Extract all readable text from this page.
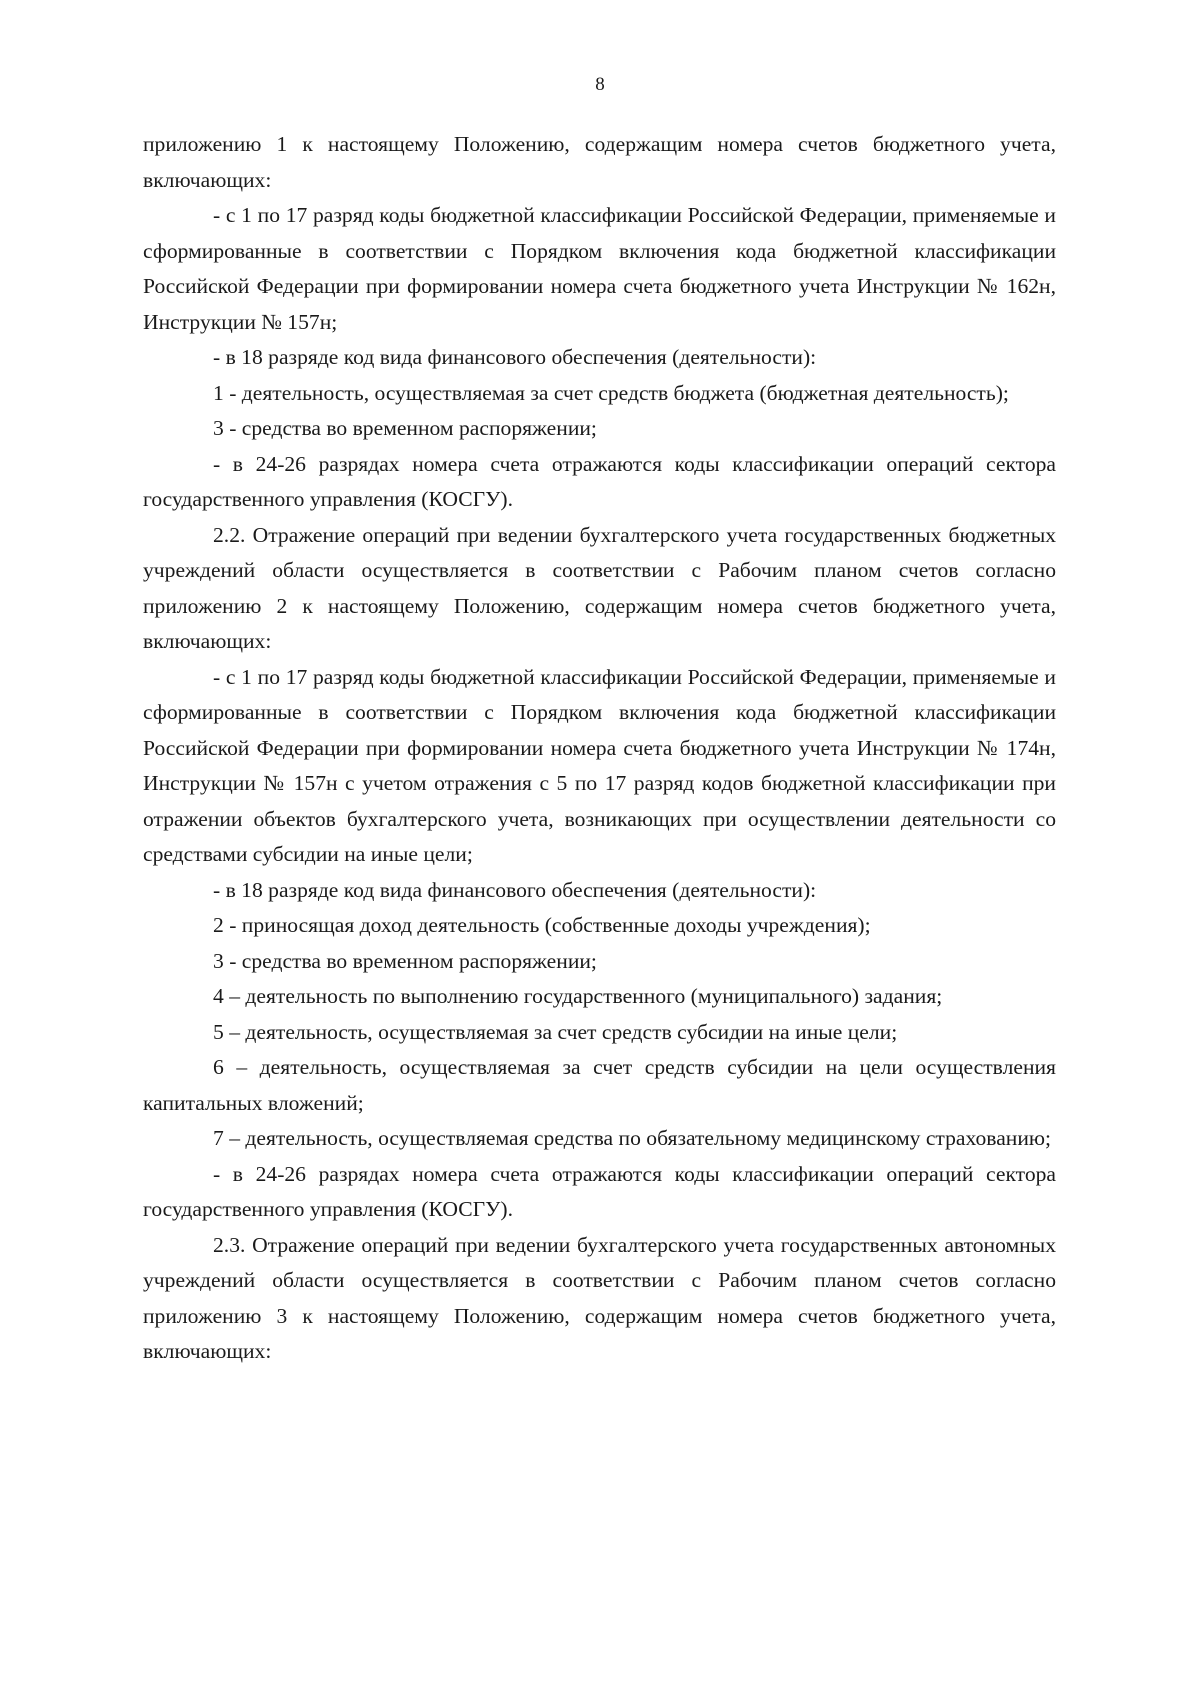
8

приложению 1 к настоящему Положению, содержащим номера счетов бюджетного учета, включающих:

- с 1 по 17 разряд коды бюджетной классификации Российской Федерации, применяемые и сформированные в соответствии с Порядком включения кода бюджетной классификации Российской Федерации при формировании номера счета бюджетного учета Инструкции № 162н, Инструкции № 157н;

- в 18 разряде код вида финансового обеспечения (деятельности):

1 - деятельность, осуществляемая за счет средств бюджета (бюджетная деятельность);

3 - средства во временном распоряжении;

- в 24-26 разрядах номера счета отражаются коды классификации операций сектора государственного управления (КОСГУ).

2.2. Отражение операций при ведении бухгалтерского учета государственных бюджетных учреждений области осуществляется в соответствии с Рабочим планом счетов согласно приложению 2 к настоящему Положению, содержащим номера счетов бюджетного учета, включающих:

- с 1 по 17 разряд коды бюджетной классификации Российской Федерации, применяемые и сформированные в соответствии с Порядком включения кода бюджетной классификации Российской Федерации при формировании номера счета бюджетного учета Инструкции № 174н, Инструкции № 157н с учетом отражения с 5 по 17 разряд кодов бюджетной классификации при отражении объектов бухгалтерского учета, возникающих при осуществлении деятельности со средствами субсидии на иные цели;

- в 18 разряде код вида финансового обеспечения (деятельности):

2 - приносящая доход деятельность (собственные доходы учреждения);

3 - средства во временном распоряжении;

4 – деятельность по выполнению государственного (муниципального) задания;

5 – деятельность, осуществляемая за счет средств субсидии на иные цели;

6 – деятельность, осуществляемая за счет средств субсидии на цели осуществления капитальных вложений;

7 – деятельность, осуществляемая средства по обязательному медицинскому страхованию;

- в 24-26 разрядах номера счета отражаются коды классификации операций сектора государственного управления (КОСГУ).

2.3. Отражение операций при ведении бухгалтерского учета государственных автономных учреждений области осуществляется в соответствии с Рабочим планом счетов согласно приложению 3 к настоящему Положению, содержащим номера счетов бюджетного учета, включающих:
